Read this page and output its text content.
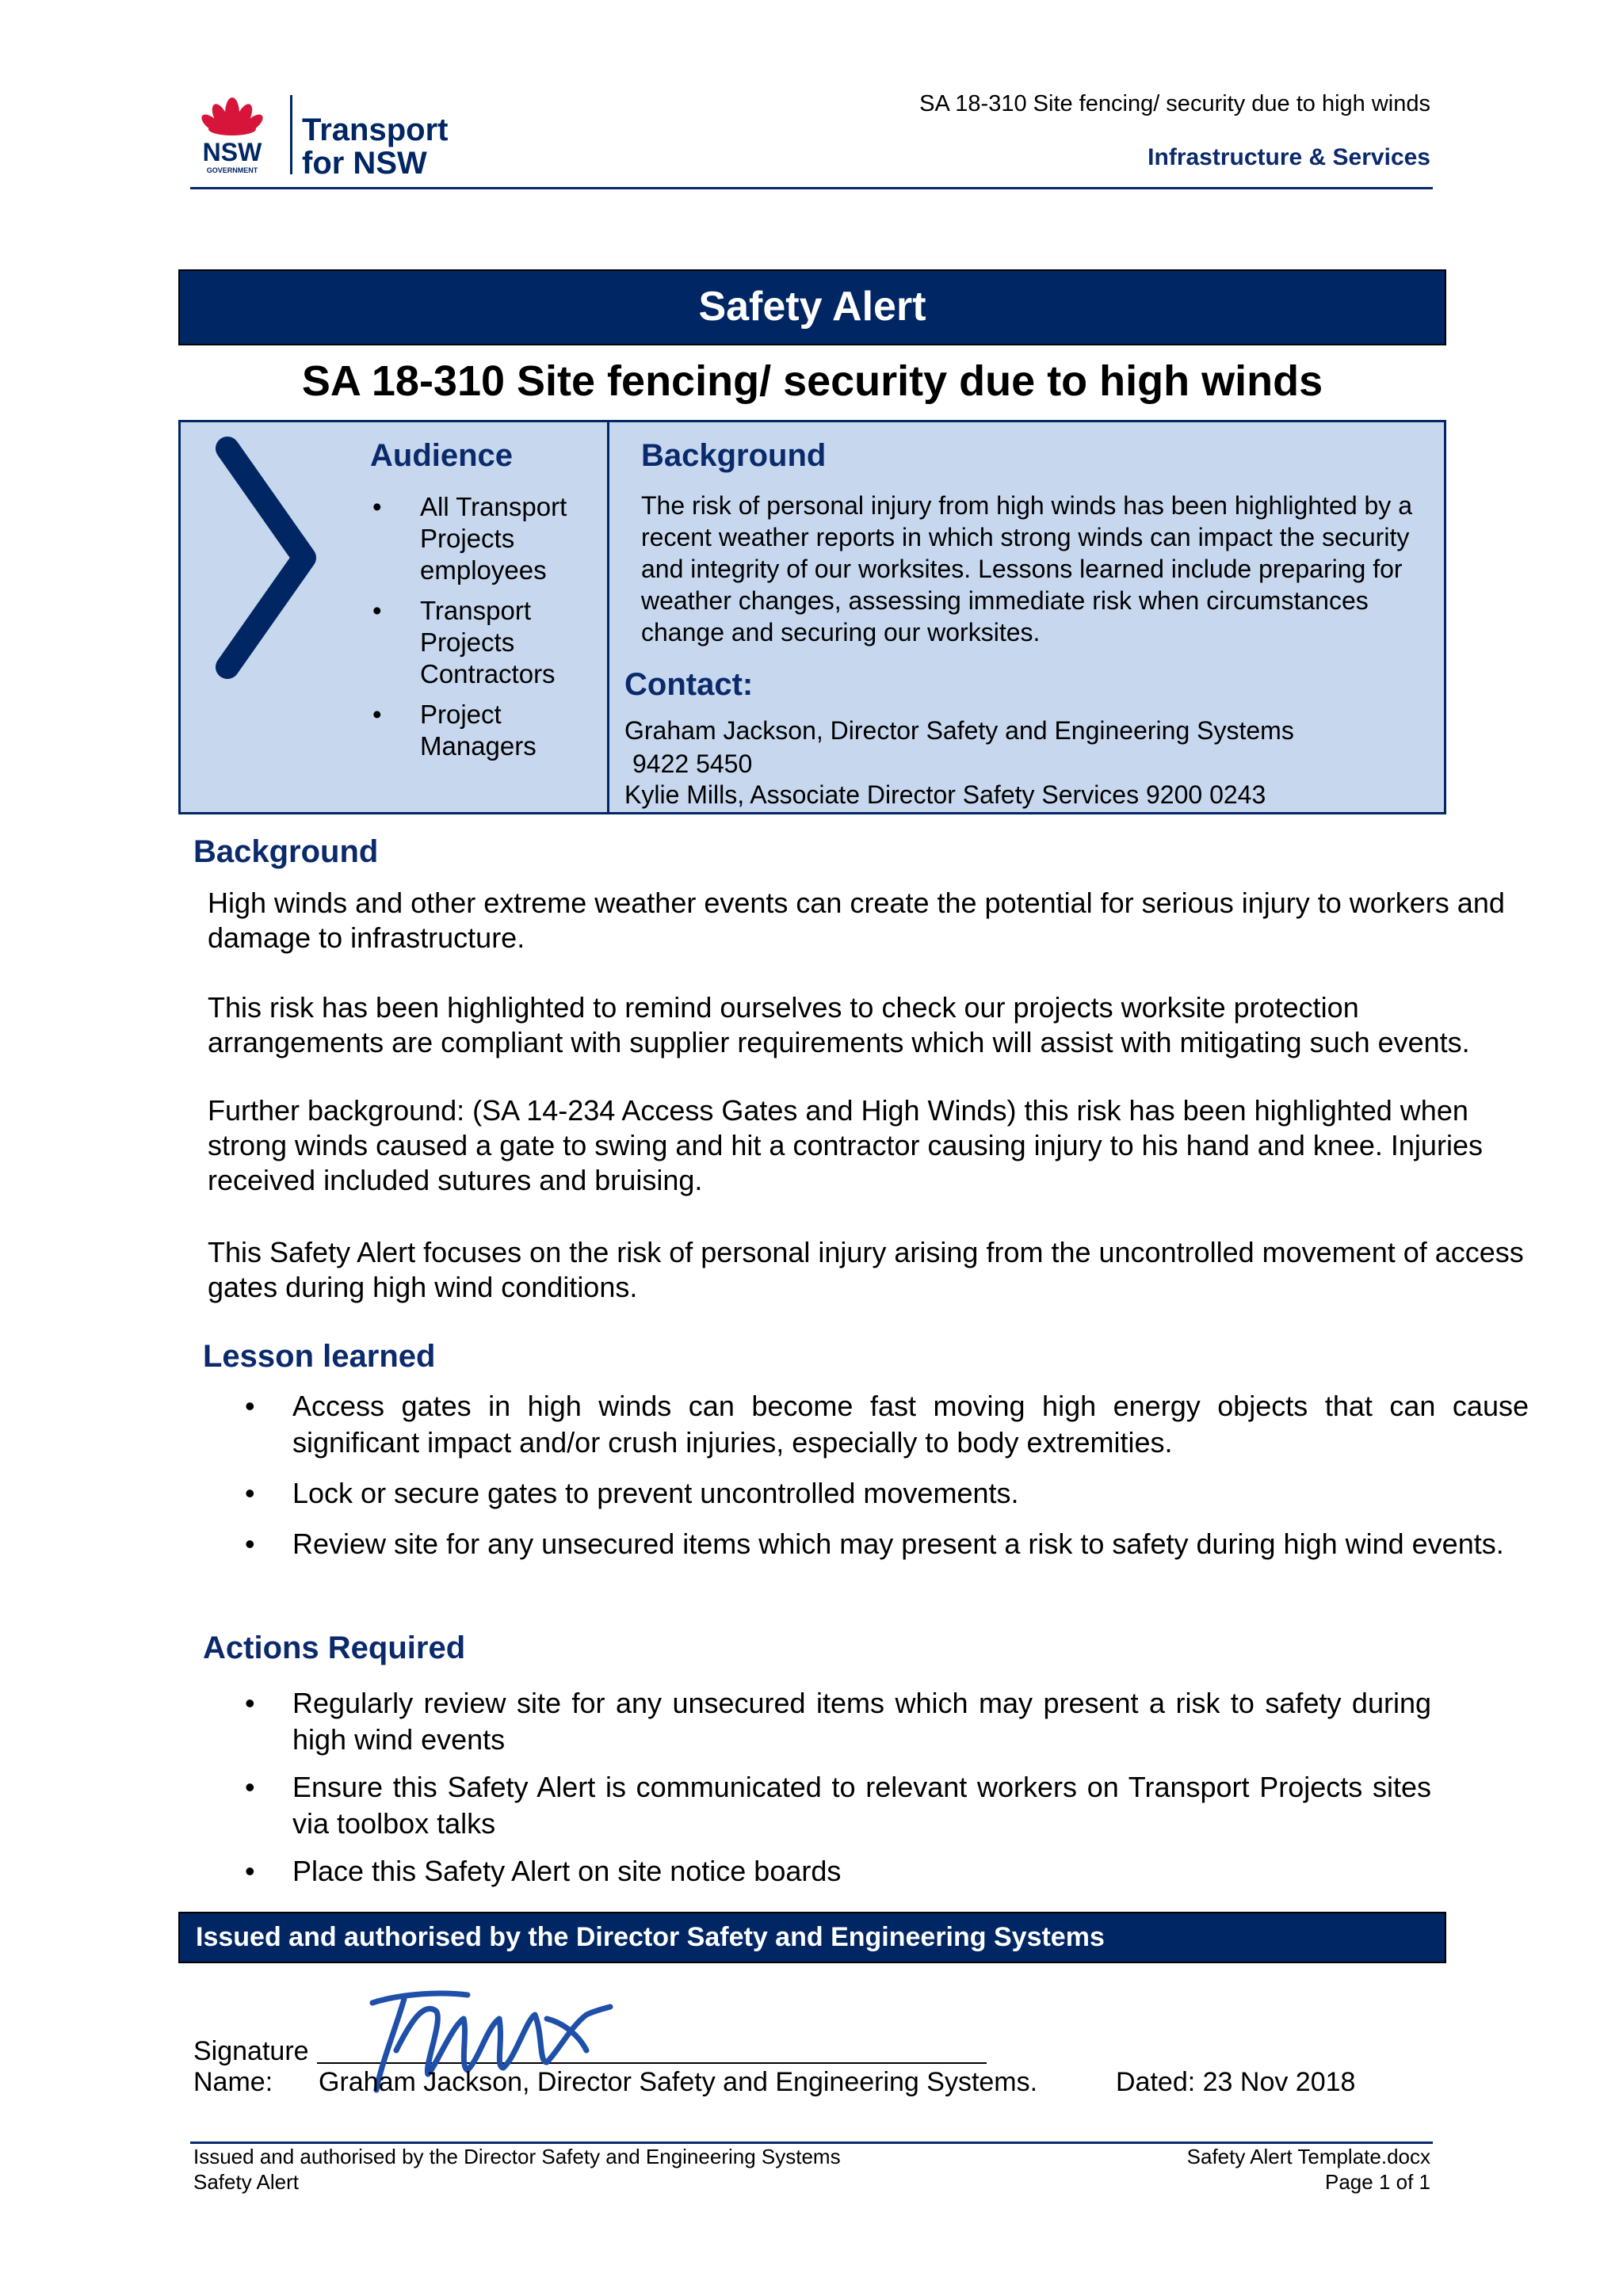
NSW
GOVERNMENT
Transport
for NSW
SA 18-310 Site fencing/ security due to high winds
Infrastructure & Services
Safety Alert
SA 18-310 Site fencing/ security due to high winds
Audience
• All Transport Projects employees
• Transport Projects Contractors
• Project Managers
Background
The risk of personal injury from high winds has been highlighted by a recent weather reports in which strong winds can impact the security and integrity of our worksites. Lessons learned include preparing for weather changes, assessing immediate risk when circumstances change and securing our worksites.
Contact:
Graham Jackson, Director Safety and Engineering Systems
9422 5450
Kylie Mills, Associate Director Safety Services 9200 0243
Background
High winds and other extreme weather events can create the potential for serious injury to workers and damage to infrastructure.
This risk has been highlighted to remind ourselves to check our projects worksite protection arrangements are compliant with supplier requirements which will assist with mitigating such events.
Further background: (SA 14-234 Access Gates and High Winds) this risk has been highlighted when strong winds caused a gate to swing and hit a contractor causing injury to his hand and knee. Injuries received included sutures and bruising.
This Safety Alert focuses on the risk of personal injury arising from the uncontrolled movement of access gates during high wind conditions.
Lesson learned
• Access gates in high winds can become fast moving high energy objects that can cause significant impact and/or crush injuries, especially to body extremities.
• Lock or secure gates to prevent uncontrolled movements.
• Review site for any unsecured items which may present a risk to safety during high wind events.
Actions Required
• Regularly review site for any unsecured items which may present a risk to safety during high wind events
• Ensure this Safety Alert is communicated to relevant workers on Transport Projects sites via toolbox talks
• Place this Safety Alert on site notice boards
Issued and authorised by the Director Safety and Engineering Systems
Signature
Name: Graham Jackson, Director Safety and Engineering Systems.	Dated: 23 Nov 2018
Issued and authorised by the Director Safety and Engineering Systems
Safety Alert
Safety Alert Template.docx
Page 1 of 1
